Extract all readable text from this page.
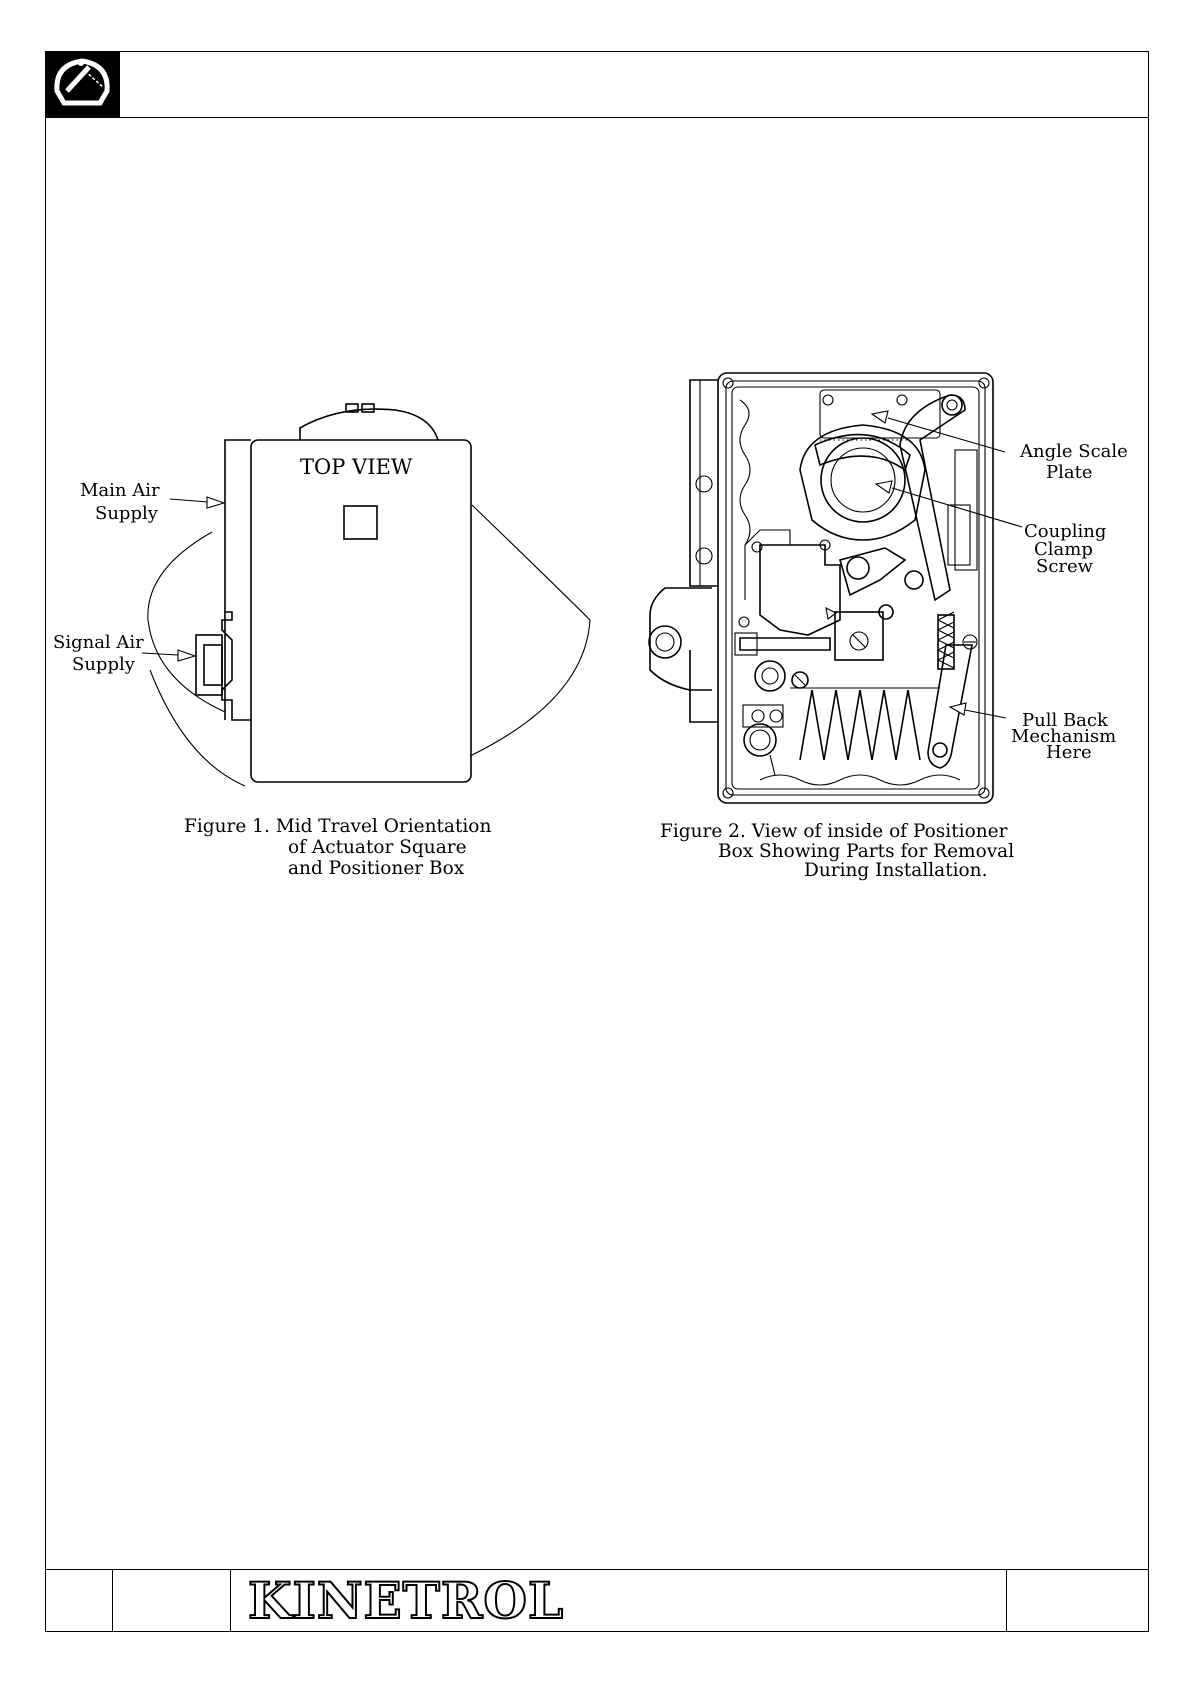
KINETROL
TOP VIEW
Main Air
Supply
Signal Air
Supply
Figure 1. Mid Travel Orientation
of Actuator Square
and Positioner Box
Angle Scale
Plate
Coupling
Clamp
Screw
Pull Back
Mechanism
Here
Figure 2. View of inside of Positioner
Box Showing Parts for Removal
During Installation.
